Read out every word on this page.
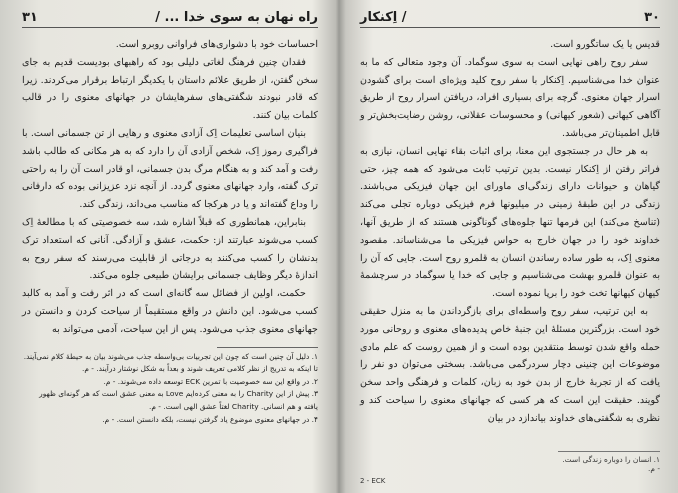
راه نهان به سوی خدا ... /
۳۱

احساسات خود با دشواری‌های فراوانی روبرو است.

فقدان چنین فرهنگ لغاتی دلیلی بود که راهبهای بودیست قدیم به جای سخن گفتن، از طریق علائم داستان با یکدیگر ارتباط برقرار می‌کردند. زیرا که قادر نبودند شگفتی‌های سفرهایشان در جهانهای معنوی را در قالب کلمات بیان کنند.

بنیان اساسی تعلیمات اِک آزادی معنوی و رهایی از تن جسمانی است. با فراگیری رموز اِک، شخص آزادی آن را دارد که به هر مکانی که طالب باشد رفت و آمد کند و به هنگام مرگ بدن جسمانی، او قادر است آن را به راحتی ترک گفته، وارد جهانهای معنوی گردد. از آنچه نزد عزیزانی بوده که دارفانی را وداع گفته‌اند و یا در هرکجا که مناسب می‌داند، زندگی کند.

بنابراین، همانطوری که قبلاً اشاره شد، سه خصوصیتی که با مطالعهٔ اِک کسب می‌شوند عبارتند از: حکمت، عشق و آزادگی. آنانی که استعداد ترک بدنشان را کسب می‌کنند به درجاتی از قابلیت می‌رسند که سفر روح به اندازهٔ دیگر وظایف جسمانی برایشان طبیعی جلوه می‌کند.

حکمت، اولین از فضائل سه گانه‌ای است که در اثر رفت و آمد به کالبد کسب می‌شود. این دانش در واقع مستقیماً از سیاحت کردن و دانستن در جهانهای معنوی جذب می‌شود. پس از این سیاحت، آدمی می‌تواند به

۱. دلیل آن چنین است که چون این تجربیات بی‌واسطه جذب می‌شوند بیان به حیطهٔ کلام نمی‌آیند.
تا اینکه به تدریج از نظر کلامی تعریف شوند و بعداً به شکل نوشتار درآیند. - م.
۲. در واقع این سه خصوصیت با تمرین ECK توسعه داده می‌شوند. - م.
۳. پیش از این Charity را به معنی کرده‌ایم Love به معنی عشق است که هر گونه‌ای ظهور
یافته و هم انسانی. Charity لغتاً عشق الهی است. - م.
۴. در جهانهای معنوی موضوع یاد گرفتن نیست، بلکه دانستن است. - م.
۳۰
/ اِکنکار

قدیس یا یک ساتگورو است.

سفر روح راهی نهایی است به سوی سوگماد. آن وجود متعالی که ما به عنوان خدا می‌شناسیم. اِکنکار با سفر روح کلید ویژه‌ای است برای گشودن اسرار جهان معنوی. گرچه برای بسیاری افراد، دریافتن اسرار روح از طریق آگاهی کیهانی (شعور کیهانی) و محسوسات عقلانی، روشن رضایت‌بخش‌تر و قابل اطمینان‌تر می‌باشد.

به هر حال در جستجوی این معنا، برای اثبات بقاء نهایی انسان، نیازی به فراتر رفتن از اِکنکار نیست. بدین ترتیب ثابت می‌شود که همه چیز، حتی گیاهان و حیوانات دارای زندگی‌ای ماورای این جهان فیزیکی می‌باشند. زندگی در این طبقهٔ زمینی در میلیونها فرم فیزیکی دوباره تجلی می‌کند (تناسخ می‌کند) این فرمها تنها جلوه‌های گوناگونی هستند که از طریق آنها، خداوند خود را در جهان خارج به حواس فیزیکی ما می‌شناساند. مقصود معنوی اِک، به طور ساده رساندن انسان به قلمرو روح است. جایی که آن را به عنوان قلمرو بهشت می‌شناسیم و جایی که خدا یا سوگماد در سرچشمهٔ کیهان کیهانها تخت خود را برپا نموده است.

به این ترتیب، سفر روح واسطه‌ای برای بازگرداندن ما به منزل حقیقی خود است. بزرگترین مسئلهٔ این جنبهٔ خاص پدیده‌های معنوی و روحانی مورد حمله واقع شدن توسط منتقدین بوده است و از همین روست که علم مادی موضوعات این چنینی دچار سردرگمی می‌باشد. بسختی می‌توان دو نفر را یافت که از تجربهٔ خارج از بدن خود به زبان، کلمات و فرهنگی واحد سخن گویند. حقیقت این است که هر کسی که جهانهای معنوی را سیاحت کند و نظری به شگفتی‌های خداوند بیاندازد در بیان

۱. انسان را دوباره زندگی است. - م.
2 - ECK
